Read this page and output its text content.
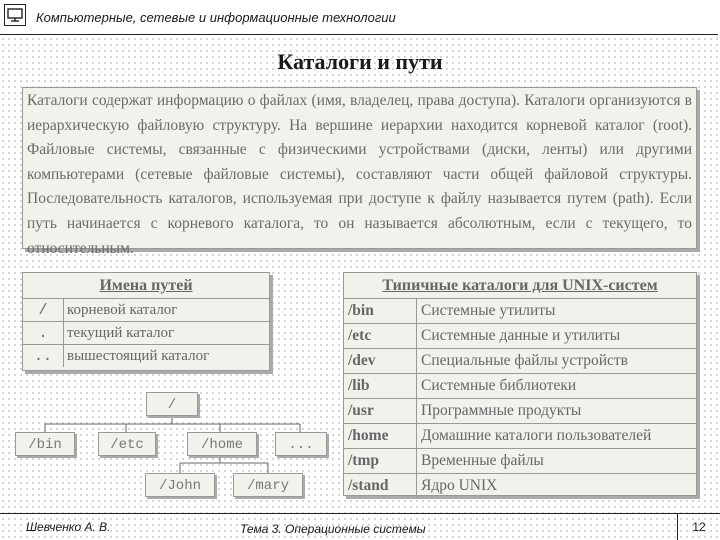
Компьютерные, сетевые и информационные технологии
Каталоги и пути

Каталоги содержат информацию о файлах (имя, владелец, права доступа). Каталоги организуются в иерархическую файловую структуру. На вершине иерархии находится корневой каталог (root). Файловые системы, связанные с физическими устройствами (диски, ленты) или другими компьютерами (сетевые файловые системы), составляют части общей файловой структуры. Последовательность каталогов, используемая при доступе к файлу называется путем (path). Если путь начинается с корневого каталога, то он называется абсолютным, если с текущего, то относительным.

Имена путей
/	корневой каталог
.	текущий каталог
..	вышестоящий каталог
Типичные каталоги для UNIX-систем
/bin	Системные утилиты
/etc	Системные данные и утилиты
/dev	Специальные файлы устройств
/lib	Системные библиотеки
/usr	Программные продукты
/home	Домашние каталоги пользователей
/tmp	Временные файлы
/stand	Ядро UNIX
/
/bin	/etc	/home	...
/John	/mary
Шевченко А. В.	Тема 3. Операционные системы	12
